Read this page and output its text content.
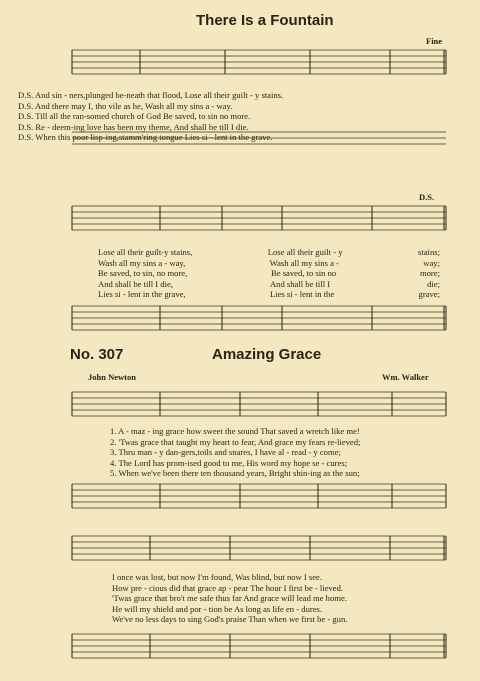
There Is a Fountain
Fine
D.S. And sin - ners,plunged be-neath that flood, Lose all their guilt - y stains.
D.S. And there may I, tho vile as he, Wash all my sins a - way.
D.S. Till all the ran-somed church of God Be saved, to sin no more.
D.S. Re - deem-ing love has been my theme, And shall be till I die.
D.S. When this poor lisp-ing,stamm'ring tongue Lies si - lent in the grave.
D.S.
Lose all their guilt-y stains,	Lose all their guilt - y	stains;
Wash all my sins a - way,	Wash all my sins a -	way;
Be saved, to sin, no more,	Be saved, to sin no	more;
And shall be till I die,	And shall be till I	die;
Lies si - lent in the grave,	Lies si - lent in the	grave;
No. 307	Amazing Grace
John Newton	Wm. Walker
1. A - maz - ing grace how sweet the sound That saved a wretch like me!
2. 'Twas grace that taught my heart to fear, And grace my fears re-lieved;
3. Thru man - y dan-gers,toils and snares, I have al - read - y come;
4. The Lord has prom-ised good to me, His word my hope se - cures;
5. When we've been there ten thousand years, Bright shin-ing as the sun;
I once was lost, but now I'm found, Was blind, but now I see.
How pre - cious did that grace ap - pear The hour I first be - lieved.
'Twas grace that bro't me safe thus far And grace will lead me home.
He will my shield and por - tion be As long as life en - dures.
We've no less days to sing God's praise Than when we first be - gun.
